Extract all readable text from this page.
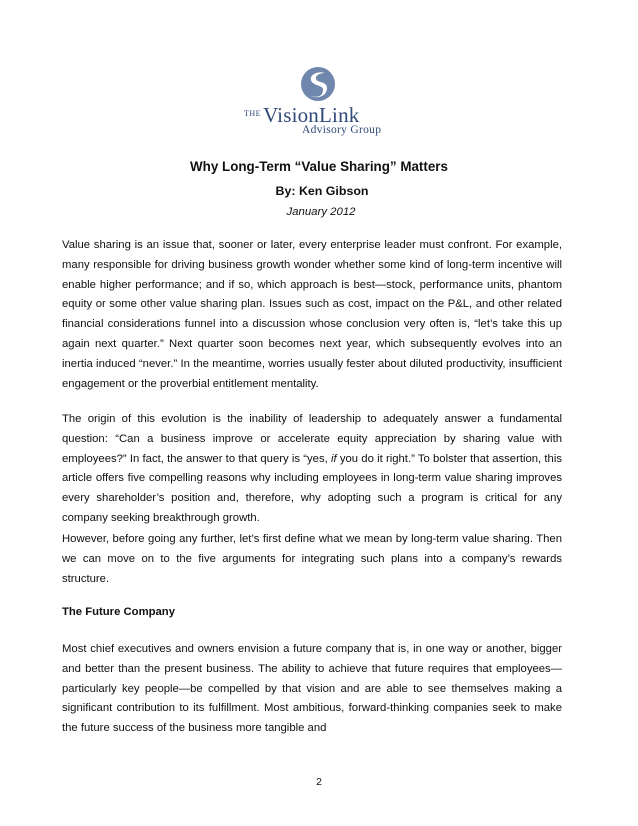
$^{THE}$VisionLink
Advisory Group
Why Long-Term “Value Sharing” Matters
By: Ken Gibson
January 2012

Value sharing is an issue that, sooner or later, every enterprise leader must confront. For example, many responsible for driving business growth wonder whether some kind of long-term incentive will enable higher performance; and if so, which approach is best—stock, performance units, phantom equity or some other value sharing plan. Issues such as cost, impact on the P&L, and other related financial considerations funnel into a discussion whose conclusion very often is, “let’s take this up again next quarter.” Next quarter soon becomes next year, which subsequently evolves into an inertia induced “never.” In the meantime, worries usually fester about diluted productivity, insufficient engagement or the proverbial entitlement mentality.

The origin of this evolution is the inability of leadership to adequately answer a fundamental question: “Can a business improve or accelerate equity appreciation by sharing value with employees?” In fact, the answer to that query is “yes, if you do it right.” To bolster that assertion, this article offers five compelling reasons why including employees in long-term value sharing improves every shareholder’s position and, therefore, why adopting such a program is critical for any company seeking breakthrough growth.

However, before going any further, let’s first define what we mean by long-term value sharing. Then we can move on to the five arguments for integrating such plans into a company’s rewards structure.

The Future Company

Most chief executives and owners envision a future company that is, in one way or another, bigger and better than the present business. The ability to achieve that future requires that employees—particularly key people—be compelled by that vision and are able to see themselves making a significant contribution to its fulfillment. Most ambitious, forward-thinking companies seek to make the future success of the business more tangible and

2
